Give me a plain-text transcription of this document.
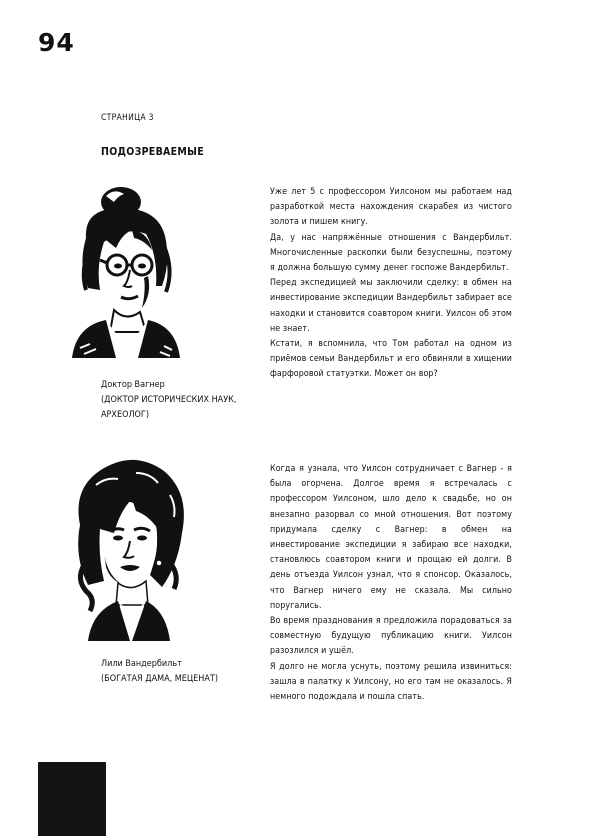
94
СТРАНИЦА 3
ПОДОЗРЕВАЕМЫЕ
Доктор Вагнер
(ДОКТОР ИСТОРИЧЕСКИХ НАУК, АРХЕОЛОГ)

Уже лет 5 с профессором Уилсоном мы работаем над разработкой места нахождения скарабея из чистого золота и пишем книгу.

Да, у нас напряжённые отношения с Вандербильт. Многочисленные раскопки были безуспешны, поэтому я должна большую сумму денег госпоже Вандербильт.

Перед экспедицией мы заключили сделку: в обмен на инвестирование экспедиции Вандербильт забирает все находки и становится соавтором книги. Уилсон об этом не знает.

Кстати, я вспомнила, что Том работал на одном из приёмов семьи Вандербильт и его обвиняли в хищении фарфоровой статуэтки. Может он вор?

Лили Вандербильт
(БОГАТАЯ ДАМА, МЕЦЕНАТ)

Когда я узнала, что Уилсон сотрудничает с Вагнер - я была огорчена. Долгое время я встречалась с профессором Уилсоном, шло дело к свадьбе, но он внезапно разорвал со мной отношения. Вот поэтому придумала сделку с Вагнер: в обмен на инвестирование экспедиции я забираю все находки, становлюсь соавтором книги и прощаю ей долги. В день отъезда Уилсон узнал, что я спонсор. Оказалось, что Вагнер ничего ему не сказала. Мы сильно поругались.

Во время празднования я предложила порадоваться за совместную будущую публикацию книги. Уилсон разозлился и ушёл.

Я долго не могла уснуть, поэтому решила извиниться: зашла в палатку к Уилсону, но его там не оказалось. Я немного подождала и пошла спать.
